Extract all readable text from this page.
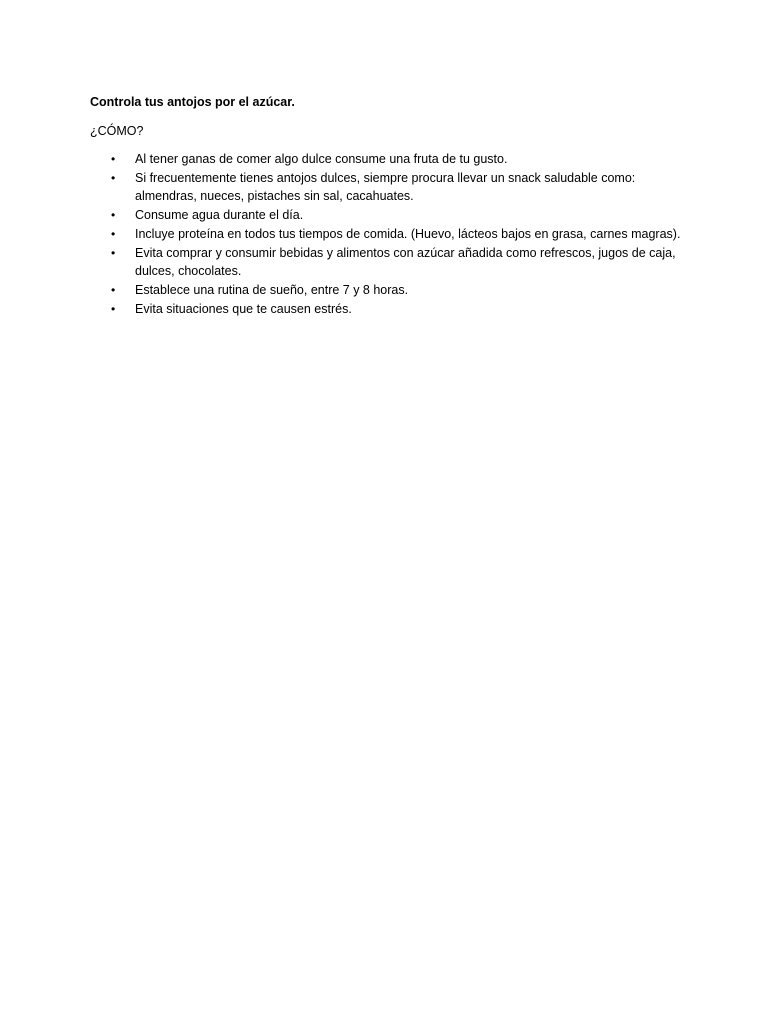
Controla tus antojos por el azúcar.

¿CÓMO?

• Al tener ganas de comer algo dulce consume una fruta de tu gusto.
• Si frecuentemente tienes antojos dulces, siempre procura llevar un snack saludable como: almendras, nueces, pistaches sin sal, cacahuates.
• Consume agua durante el día.
• Incluye proteína en todos tus tiempos de comida. (Huevo, lácteos bajos en grasa, carnes magras).
• Evita comprar y consumir bebidas y alimentos con azúcar añadida como refrescos, jugos de caja, dulces, chocolates.
• Establece una rutina de sueño, entre 7 y 8 horas.
• Evita situaciones que te causen estrés.
